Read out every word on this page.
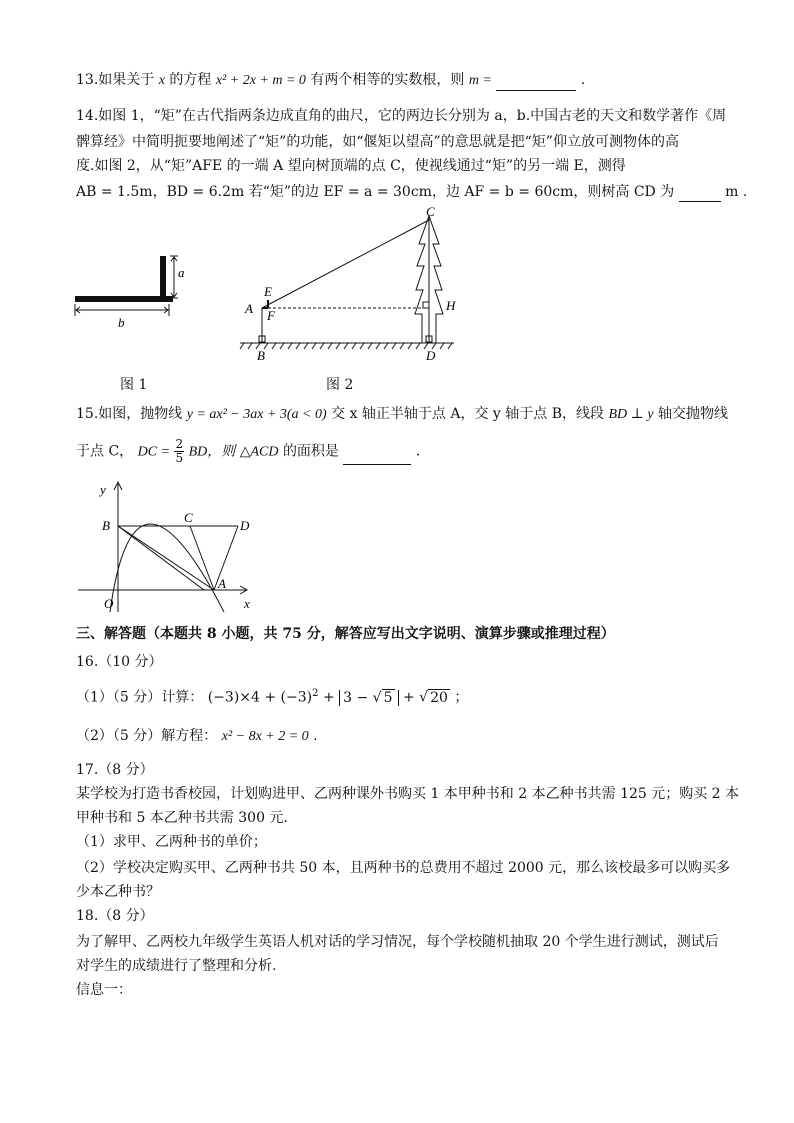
13.如果关于 x 的方程 x² + 2x + m = 0 有两个相等的实数根，则 m =	.
14.如图 1，“矩”在古代指两条边成直角的曲尺，它的两边长分别为 a，b.中国古老的天文和数学著作《周
髀算经》中简明扼要地阐述了“矩”的功能，如“偃矩以望高”的意思就是把“矩”仰立放可测物体的高
度.如图 2，从“矩”AFE 的一端 A 望向树顶端的点 C，使视线通过“矩”的另一端 E，测得
AB = 1.5m，BD = 6.2m 若“矩”的边 EF = a = 30cm，边 AF = b = 60cm，则树高 CD 为	m .
a
b
图 1
C
E
A F
H
B	D
图 2
15.如图，抛物线 y = ax² − 3ax + 3(a < 0) 交 x 轴正半轴于点 A，交 y 轴于点 B，线段 BD ⊥ y 轴交抛物线
于点 C， DC = $\frac{2}{5}$ BD，则 △ACD 的面积是	.
y
x
O
B
C
D
A
三、解答题（本题共 8 小题，共 75 分，解答应写出文字说明、演算步骤或推理过程）
16.（10 分）
（1）（5 分）计算： $(-3)\times 4 + (-3)^2 + 3$ − √ 5 + √ 20 ；
（2）（5 分）解方程： x² − 8x + 2 = 0 .
17.（8 分）
某学校为打造书香校园，计划购进甲、乙两种课外书购买 1 本甲种书和 2 本乙种书共需 125 元；购买 2 本
甲种书和 5 本乙种书共需 300 元.
（1）求甲、乙两种书的单价；
（2）学校决定购买甲、乙两种书共 50 本，且两种书的总费用不超过 2000 元，那么该校最多可以购买多
少本乙种书？
18.（8 分）
为了解甲、乙两校九年级学生英语人机对话的学习情况，每个学校随机抽取 20 个学生进行测试，测试后
对学生的成绩进行了整理和分析.
信息一：
